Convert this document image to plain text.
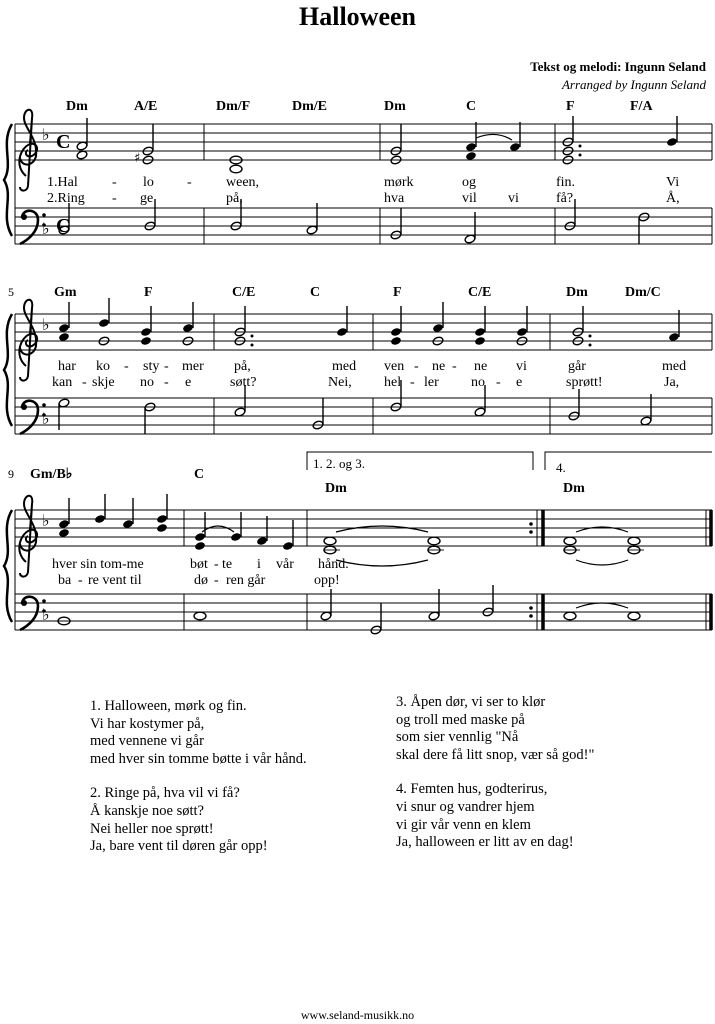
Halloween
Tekst og melodi: Ingunn Seland
Arranged by Ingunn Seland
Dm	A/E	Dm/F	Dm/E	Dm	C	F	F/A
♭
♭
C
C
♯
1.Hal - lo - ween,	mørk	og	fin.	Vi
2.Ring - ge	på,	hva	vil vi	få?	Å,
5	Gm	F	C/E	C	F	C/E	Dm	Dm/C
♭
♭
har ko - sty - mer på,	med ven - ne - ne vi	går	med
kan - skje no - e	søtt?	Nei, hel - ler no - e	sprøtt!	Ja,
9 Gm/B♭	C
Dm	Dm
1. 2. og 3.	4.
♭
♭
hver sin tom-me	bøt - te i vår hånd.
ba - re vent til	dø - ren går	opp!
1. Halloween, mørk og fin.
Vi har kostymer på,
med vennene vi går
med hver sin tomme bøtte i vår hånd.
2. Ringe på, hva vil vi få?
Å kanskje noe søtt?
Nei heller noe sprøtt!
Ja, bare vent til døren går opp!
3. Åpen dør, vi ser to klør
og troll med maske på
som sier vennlig "Nå
skal dere få litt snop, vær så god!"
4. Femten hus, godterirus,
vi snur og vandrer hjem
vi gir vår venn en klem
Ja, halloween er litt av en dag!
www.seland-musikk.no
